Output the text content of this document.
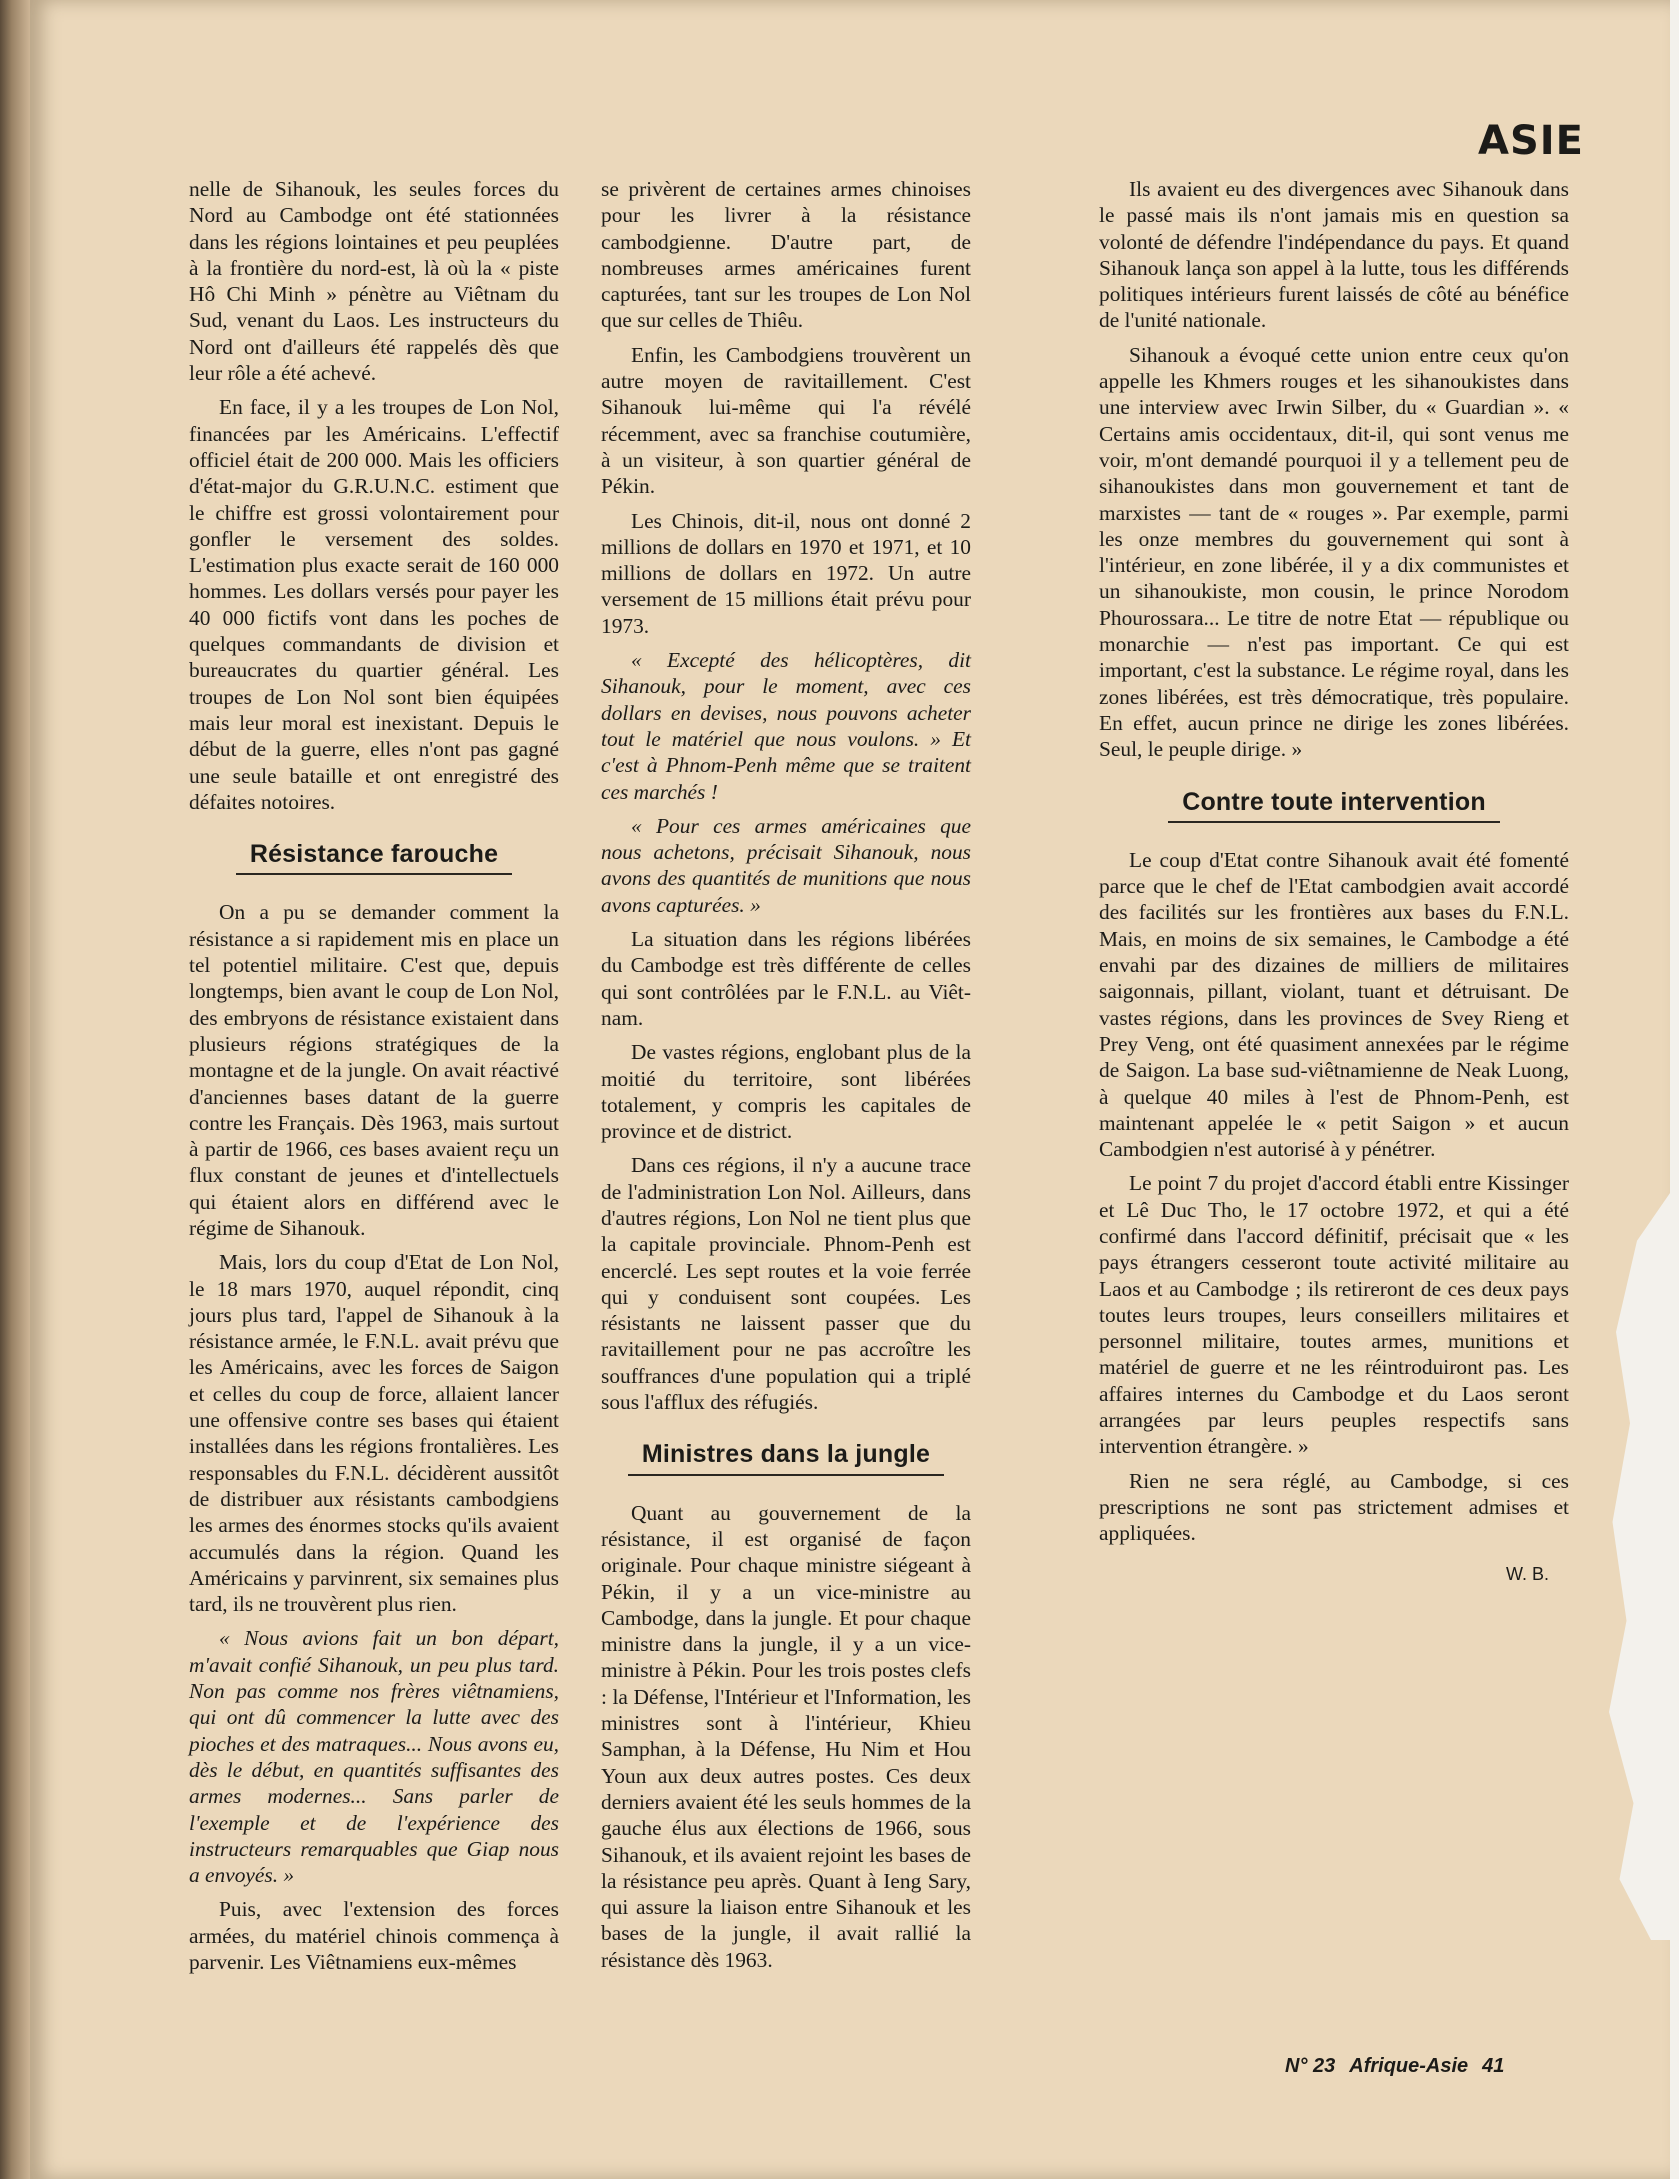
ASIE

nelle de Sihanouk, les seules forces du Nord au Cambodge ont été stationnées dans les régions lointaines et peu peuplées à la frontière du nord-est, là où la « piste Hô Chi Minh » pénètre au Viêtnam du Sud, venant du Laos. Les instructeurs du Nord ont d'ailleurs été rappelés dès que leur rôle a été achevé.

En face, il y a les troupes de Lon Nol, financées par les Américains. L'effectif officiel était de 200 000. Mais les officiers d'état-major du G.R.U.N.C. estiment que le chiffre est grossi volontairement pour gonfler le versement des soldes. L'estimation plus exacte serait de 160 000 hommes. Les dollars versés pour payer les 40 000 fictifs vont dans les poches de quelques commandants de division et bureaucrates du quartier général. Les troupes de Lon Nol sont bien équipées mais leur moral est inexistant. Depuis le début de la guerre, elles n'ont pas gagné une seule bataille et ont enregistré des défaites notoires.

Résistance farouche

On a pu se demander comment la résistance a si rapidement mis en place un tel potentiel militaire. C'est que, depuis longtemps, bien avant le coup de Lon Nol, des embryons de résistance existaient dans plusieurs régions stratégiques de la montagne et de la jungle. On avait réactivé d'anciennes bases datant de la guerre contre les Français. Dès 1963, mais surtout à partir de 1966, ces bases avaient reçu un flux constant de jeunes et d'intellectuels qui étaient alors en différend avec le régime de Sihanouk.

Mais, lors du coup d'Etat de Lon Nol, le 18 mars 1970, auquel répondit, cinq jours plus tard, l'appel de Sihanouk à la résistance armée, le F.N.L. avait prévu que les Américains, avec les forces de Saigon et celles du coup de force, allaient lancer une offensive contre ses bases qui étaient installées dans les régions frontalières. Les responsables du F.N.L. décidèrent aussitôt de distribuer aux résistants cambodgiens les armes des énormes stocks qu'ils avaient accumulés dans la région. Quand les Américains y parvinrent, six semaines plus tard, ils ne trouvèrent plus rien.

« Nous avions fait un bon départ, m'avait confié Sihanouk, un peu plus tard. Non pas comme nos frères viêtnamiens, qui ont dû commencer la lutte avec des pioches et des matraques... Nous avons eu, dès le début, en quantités suffisantes des armes modernes... Sans parler de l'exemple et de l'expérience des instructeurs remarquables que Giap nous a envoyés. »

Puis, avec l'extension des forces armées, du matériel chinois commença à parvenir. Les Viêtnamiens eux-mêmes

se privèrent de certaines armes chinoises pour les livrer à la résistance cambodgienne. D'autre part, de nombreuses armes américaines furent capturées, tant sur les troupes de Lon Nol que sur celles de Thiêu.

Enfin, les Cambodgiens trouvèrent un autre moyen de ravitaillement. C'est Sihanouk lui-même qui l'a révélé récemment, avec sa franchise coutumière, à un visiteur, à son quartier général de Pékin.

Les Chinois, dit-il, nous ont donné 2 millions de dollars en 1970 et 1971, et 10 millions de dollars en 1972. Un autre versement de 15 millions était prévu pour 1973.

« Excepté des hélicoptères, dit Sihanouk, pour le moment, avec ces dollars en devises, nous pouvons acheter tout le matériel que nous voulons. » Et c'est à Phnom-Penh même que se traitent ces marchés !

« Pour ces armes américaines que nous achetons, précisait Sihanouk, nous avons des quantités de munitions que nous avons capturées. »

La situation dans les régions libérées du Cambodge est très différente de celles qui sont contrôlées par le F.N.L. au Viêt-nam.

De vastes régions, englobant plus de la moitié du territoire, sont libérées totalement, y compris les capitales de province et de district.

Dans ces régions, il n'y a aucune trace de l'administration Lon Nol. Ailleurs, dans d'autres régions, Lon Nol ne tient plus que la capitale provinciale. Phnom-Penh est encerclé. Les sept routes et la voie ferrée qui y conduisent sont coupées. Les résistants ne laissent passer que du ravitaillement pour ne pas accroître les souffrances d'une population qui a triplé sous l'afflux des réfugiés.

Ministres dans la jungle

Quant au gouvernement de la résistance, il est organisé de façon originale. Pour chaque ministre siégeant à Pékin, il y a un vice-ministre au Cambodge, dans la jungle. Et pour chaque ministre dans la jungle, il y a un vice-ministre à Pékin. Pour les trois postes clefs : la Défense, l'Intérieur et l'Information, les ministres sont à l'intérieur, Khieu Samphan, à la Défense, Hu Nim et Hou Youn aux deux autres postes. Ces deux derniers avaient été les seuls hommes de la gauche élus aux élections de 1966, sous Sihanouk, et ils avaient rejoint les bases de la résistance peu après. Quant à Ieng Sary, qui assure la liaison entre Sihanouk et les bases de la jungle, il avait rallié la résistance dès 1963.

Ils avaient eu des divergences avec Sihanouk dans le passé mais ils n'ont jamais mis en question sa volonté de défendre l'indépendance du pays. Et quand Sihanouk lança son appel à la lutte, tous les différends politiques intérieurs furent laissés de côté au bénéfice de l'unité nationale.

Sihanouk a évoqué cette union entre ceux qu'on appelle les Khmers rouges et les sihanoukistes dans une interview avec Irwin Silber, du « Guardian ». « Certains amis occidentaux, dit-il, qui sont venus me voir, m'ont demandé pourquoi il y a tellement peu de sihanoukistes dans mon gouvernement et tant de marxistes — tant de « rouges ». Par exemple, parmi les onze membres du gouvernement qui sont à l'intérieur, en zone libérée, il y a dix communistes et un sihanoukiste, mon cousin, le prince Norodom Phourossara... Le titre de notre Etat — république ou monarchie — n'est pas important. Ce qui est important, c'est la substance. Le régime royal, dans les zones libérées, est très démocratique, très populaire. En effet, aucun prince ne dirige les zones libérées. Seul, le peuple dirige. »

Contre toute intervention

Le coup d'Etat contre Sihanouk avait été fomenté parce que le chef de l'Etat cambodgien avait accordé des facilités sur les frontières aux bases du F.N.L. Mais, en moins de six semaines, le Cambodge a été envahi par des dizaines de milliers de militaires saigonnais, pillant, violant, tuant et détruisant. De vastes régions, dans les provinces de Svey Rieng et Prey Veng, ont été quasiment annexées par le régime de Saigon. La base sud-viêtnamienne de Neak Luong, à quelque 40 miles à l'est de Phnom-Penh, est maintenant appelée le « petit Saigon » et aucun Cambodgien n'est autorisé à y pénétrer.

Le point 7 du projet d'accord établi entre Kissinger et Lê Duc Tho, le 17 octobre 1972, et qui a été confirmé dans l'accord définitif, précisait que « les pays étrangers cesseront toute activité militaire au Laos et au Cambodge ; ils retireront de ces deux pays toutes leurs troupes, leurs conseillers militaires et personnel militaire, toutes armes, munitions et matériel de guerre et ne les réintroduiront pas. Les affaires internes du Cambodge et du Laos seront arrangées par leurs peuples respectifs sans intervention étrangère. »

Rien ne sera réglé, au Cambodge, si ces prescriptions ne sont pas strictement admises et appliquées.

W. B.
N° 23 Afrique-Asie 41
